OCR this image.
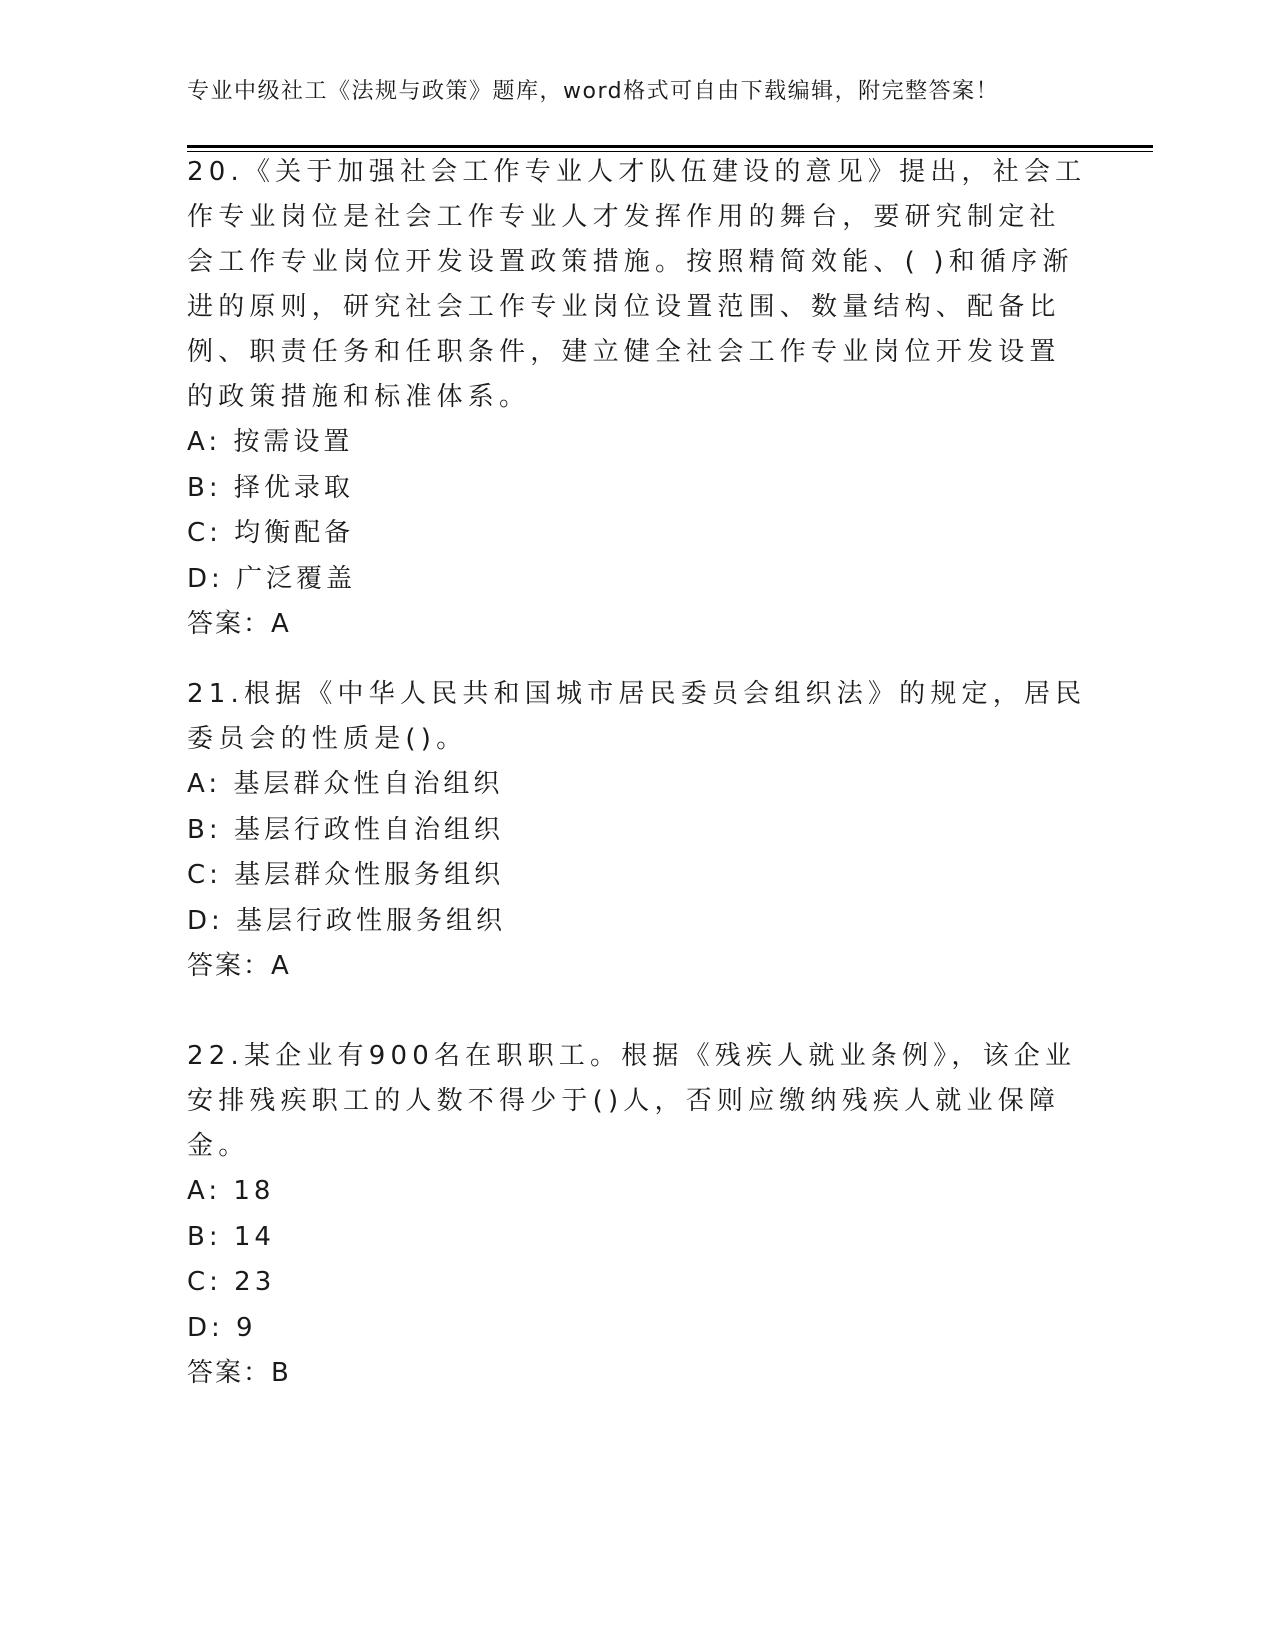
专业中级社工《法规与政策》题库，word格式可自由下载编辑，附完整答案！

20.《关于加强社会工作专业人才队伍建设的意见》提出，社会工作专业岗位是社会工作专业人才发挥作用的舞台，要研究制定社会工作专业岗位开发设置政策措施。按照精简效能、( )和循序渐进的原则，研究社会工作专业岗位设置范围、数量结构、配备比例、职责任务和任职条件，建立健全社会工作专业岗位开发设置的政策措施和标准体系。

A: 按需设置

B: 择优录取

C: 均衡配备

D: 广泛覆盖

答案：A

21.根据《中华人民共和国城市居民委员会组织法》的规定，居民委员会的性质是()。

A: 基层群众性自治组织

B: 基层行政性自治组织

C: 基层群众性服务组织

D: 基层行政性服务组织

答案：A

22.某企业有900名在职职工。根据《残疾人就业条例》，该企业安排残疾职工的人数不得少于()人，否则应缴纳残疾人就业保障金。

A: 18

B: 14

C: 23

D: 9

答案：B
